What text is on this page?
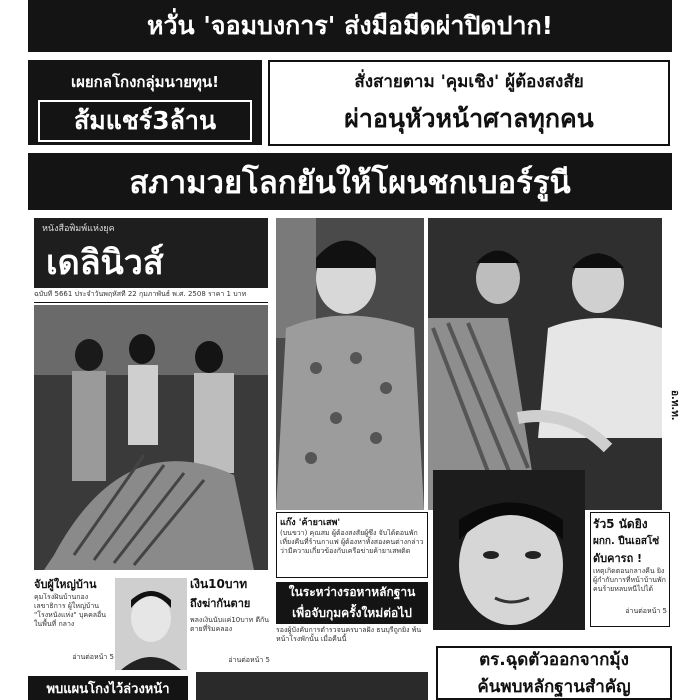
หวั่น 'จอมบงการ' ส่งมือมีดผ่าปิดปาก!
เผยกลโกงกลุ่มนายทุน!
ส้มแชร์3ล้าน
สั่งสายตาม 'คุมเชิง' ผู้ต้องสงสัย
ผ่าอนุหัวหน้าศาลทุกคน
สภามวยโลกยันให้โผนชกเบอร์รูนี
หนังสือพิมพ์แห่งยุค
เดลินิวส์
ฉบับที่ 5661 ประจำวันพฤหัสที่ 22 กุมภาพันธ์ พ.ศ. 2508 ราคา 1 บาท
อ.ท.ท.
แก๊ง 'ค้ายาเสพ'
(บนขวา) คุณสม ผู้ต้องสงสัยผู้ซึ่ง จับได้ตอนพักเที่ยงคืนที่ร้านกาแฟ ผู้ต้องหาทั้งสองคนต่างกล่าวว่ามีความเกี่ยวข้องกับเครือข่ายค้ายาเสพติด
รัว5 นัดยิง
ผกก. ปืนเอสโซ่
ดับคารถ !
เหตุเกิดตอนกลางคืน ยิงผู้กำกับการที่หน้าบ้านพัก คนร้ายหลบหนีไปได้
อ่านต่อหน้า 5
ในระหว่างรอหาหลักฐาน
เพื่อจับกุมครั้งใหม่ต่อไป
รองผู้บังคับการตำรวจนครบาลฝั่ง ธนบุรีถูกยิง พ้นหน้าโรงพักนั้น เมื่อคืนนี้
จับผู้ใหญ่บ้าน
คุมโรงฝิ่นบ้านกอง เลขาธิการ ผู้ใหญ่บ้าน "โรงหนังแห่ง" บุคคลอื่นในพื้นที่ กลาง
อ่านต่อหน้า 5
เงิน10บาท
ถึงฆ่ากันตาย
พลงเงินนับแค่10บาท ตีกันตายที่ริมคลอง
อ่านต่อหน้า 5	ตร.ฉุดตัวออกจากมุ้ง
ค้นพบหลักฐานสำคัญ
พบแผนโกงไว้ล่วงหน้า
